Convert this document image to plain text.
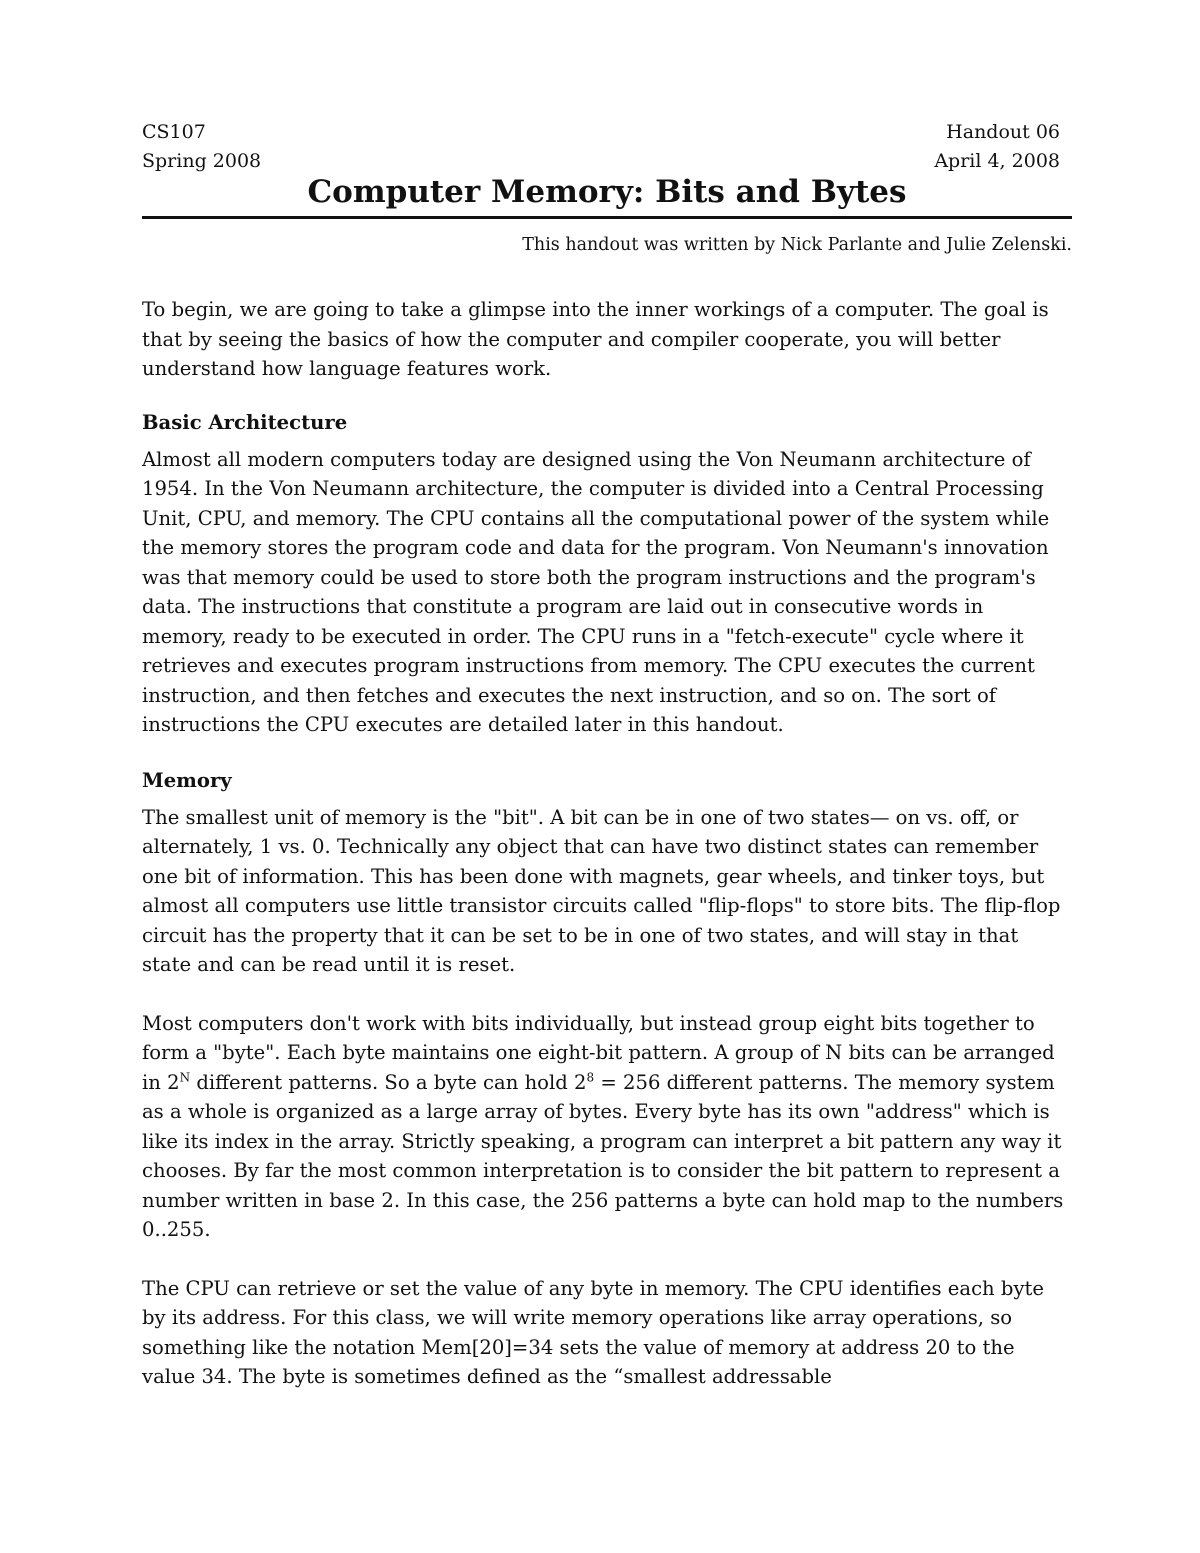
CS107	Handout 06
Spring 2008	April 4, 2008
Computer Memory: Bits and Bytes
This handout was written by Nick Parlante and Julie Zelenski.

To begin, we are going to take a glimpse into the inner workings of a computer. The goal is that by seeing the basics of how the computer and compiler cooperate, you will better understand how language features work.

Basic Architecture

Almost all modern computers today are designed using the Von Neumann architecture of 1954. In the Von Neumann architecture, the computer is divided into a Central Processing Unit, CPU, and memory. The CPU contains all the computational power of the system while the memory stores the program code and data for the program. Von Neumann's innovation was that memory could be used to store both the program instructions and the program's data. The instructions that constitute a program are laid out in consecutive words in memory, ready to be executed in order. The CPU runs in a "fetch-execute" cycle where it retrieves and executes program instructions from memory. The CPU executes the current instruction, and then fetches and executes the next instruction, and so on. The sort of instructions the CPU executes are detailed later in this handout.

Memory

The smallest unit of memory is the "bit". A bit can be in one of two states— on vs. off, or alternately, 1 vs. 0. Technically any object that can have two distinct states can remember one bit of information. This has been done with magnets, gear wheels, and tinker toys, but almost all computers use little transistor circuits called "flip-flops" to store bits. The flip-flop circuit has the property that it can be set to be in one of two states, and will stay in that state and can be read until it is reset.

Most computers don't work with bits individually, but instead group eight bits together to form a "byte". Each byte maintains one eight-bit pattern. A group of N bits can be arranged in $2^N$ different patterns. So a byte can hold $2^8 = 256$ different patterns. The memory system as a whole is organized as a large array of bytes. Every byte has its own "address" which is like its index in the array. Strictly speaking, a program can interpret a bit pattern any way it chooses. By far the most common interpretation is to consider the bit pattern to represent a number written in base 2. In this case, the 256 patterns a byte can hold map to the numbers 0..255.

The CPU can retrieve or set the value of any byte in memory. The CPU identifies each byte by its address. For this class, we will write memory operations like array operations, so something like the notation Mem[20]=34 sets the value of memory at address 20 to the value 34. The byte is sometimes defined as the “smallest addressable
